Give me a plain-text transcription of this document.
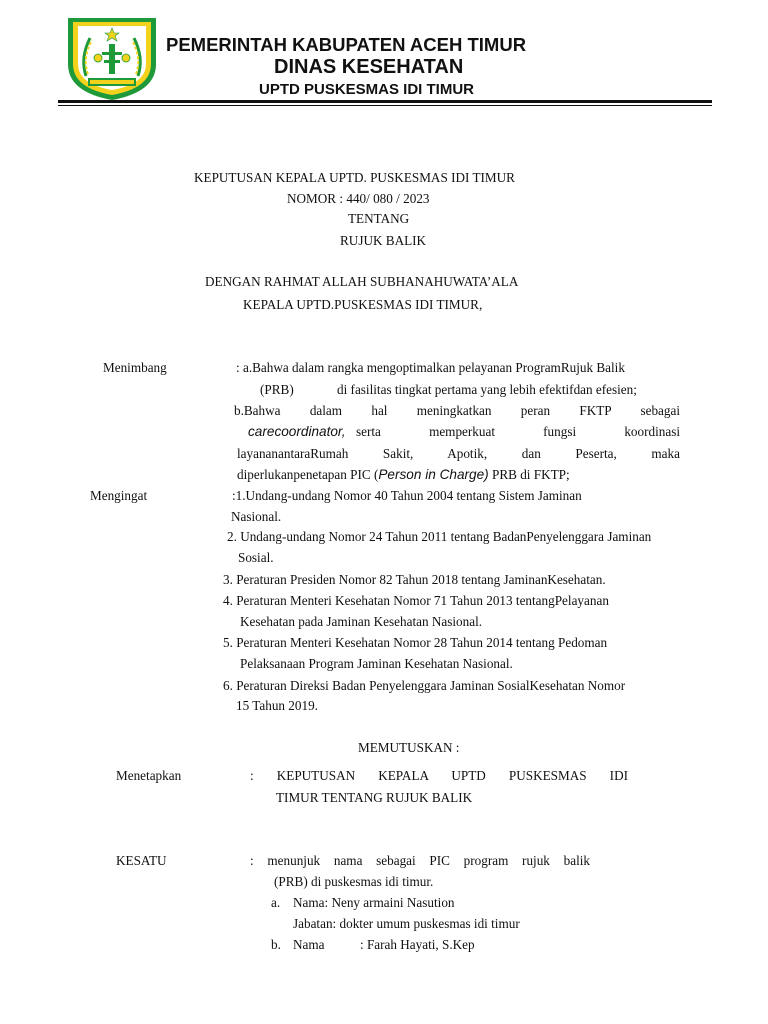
PEMERINTAH KABUPATEN ACEH TIMUR
DINAS KESEHATAN
UPTD PUSKESMAS IDI TIMUR
KEPUTUSAN KEPALA UPTD. PUSKESMAS IDI TIMUR
NOMOR : 440/ 080 / 2023
TENTANG
RUJUK BALIK
DENGAN RAHMAT ALLAH SUBHANAHUWATA’ALA
KEPALA UPTD.PUSKESMAS IDI TIMUR,
Menimbang	: a.Bahwa dalam rangka mengoptimalkan pelayanan ProgramRujuk Balik
(PRB)	di fasilitas tingkat pertama yang lebih efektifdan efesien;
b.Bahwa dalam hal meningkatkan peran FKTP sebagai
carecoordinator, serta memperkuat fungsi koordinasi
layananantaraRumah Sakit, Apotik, dan Peserta, maka
diperlukanpenetapan PIC (Person in Charge) PRB di FKTP;
Mengingat	:1.Undang-undang Nomor 40 Tahun 2004 tentang Sistem Jaminan
Nasional.
2. Undang-undang Nomor 24 Tahun 2011 tentang BadanPenyelenggara Jaminan
Sosial.
3. Peraturan Presiden Nomor 82 Tahun 2018 tentang JaminanKesehatan.
4. Peraturan Menteri Kesehatan Nomor 71 Tahun 2013 tentangPelayanan
Kesehatan pada Jaminan Kesehatan Nasional.
5. Peraturan Menteri Kesehatan Nomor 28 Tahun 2014 tentang Pedoman
Pelaksanaan Program Jaminan Kesehatan Nasional.
6. Peraturan Direksi Badan Penyelenggara Jaminan SosialKesehatan Nomor
15 Tahun 2019.
MEMUTUSKAN :
Menetapkan	: KEPUTUSAN KEPALA UPTD PUSKESMAS IDI
TIMUR TENTANG RUJUK BALIK
KESATU	: menunjuk nama sebagai PIC program rujuk balik
(PRB) di puskesmas idi timur.
a. Nama: Neny armaini Nasution
Jabatan: dokter umum puskesmas idi timur
b. Nama	: Farah Hayati, S.Kep
